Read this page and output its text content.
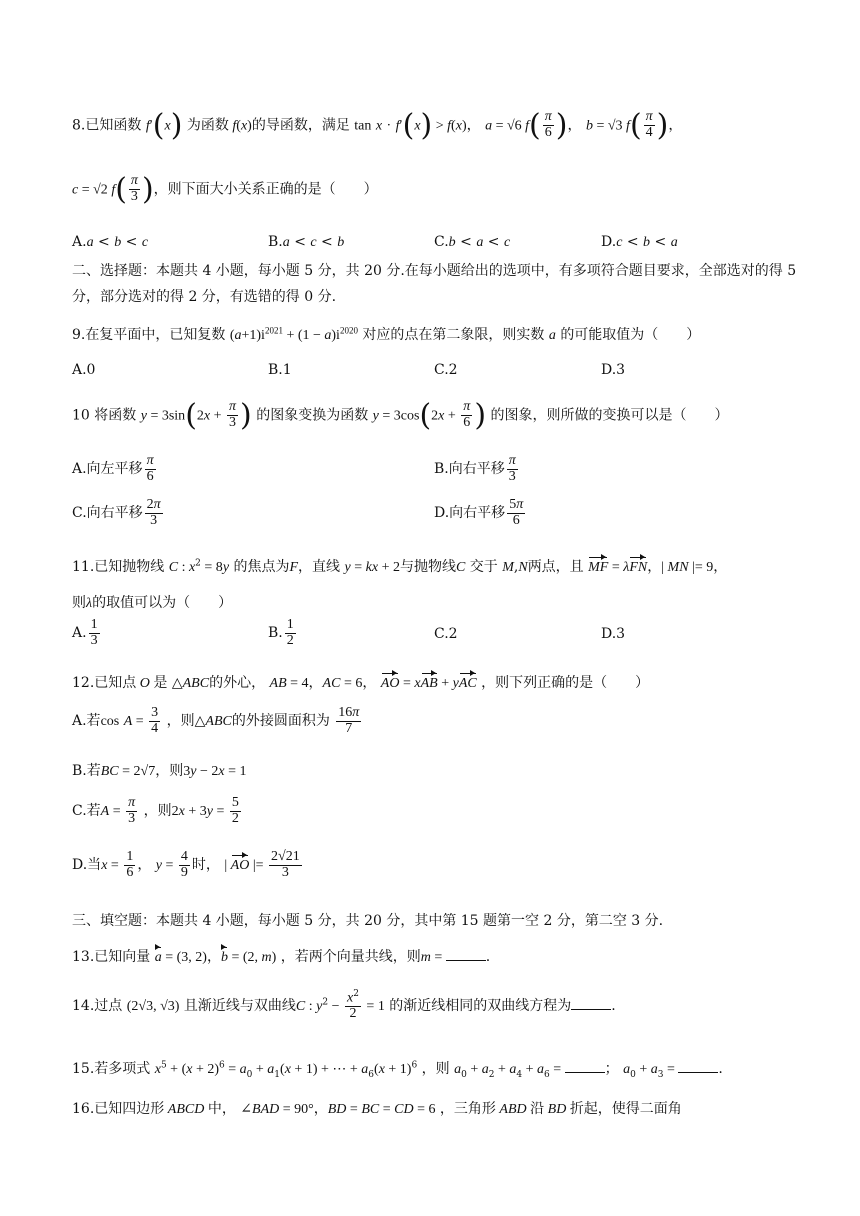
8.已知函数 f′(x) 为函数 f(x)的导函数，满足 tan x · f′(x) > f(x)， a = √6 $f( \frac{\pi}{6}$ )， b = √3 $f( \frac{\pi}{4}$ )，
c = √2 $f( \frac{\pi}{3}$ )，则下面大小关系正确的是（　　）
A.a < b < c	B.a < c < b	C.b < a < c	D.c < b < a
二、选择题：本题共 4 小题，每小题 5 分，共 20 分.在每小题给出的选项中，有多项符合题目要求，全部选对的得 5 分，部分选对的得 2 分，有选错的得 0 分.
9.在复平面中，已知复数 $(a+1)i^{2021} + (1 - a)i^{2020}$ 对应的点在第二象限，则实数 a 的可能取值为（　　）
A.0	B.1	C.2	D.3
10 将函数 $y = 3\sin(2x + \frac{\pi}{3}$ ) 的图象变换为函数 $y = 3\cos(2x + \frac{\pi}{6}$ ) 的图象，则所做的变换可以是（　　）
A.向左平移 $\frac{\pi}{6}$	B.向右平移 $\frac{\pi}{3}$
C.向右平移 $\frac{2\pi}{3}$	D.向右平移 $\frac{5\pi}{6}$
11.已知抛物线 C : $x^2 = 8y$ 的焦点为F，直线 y = kx + 2与抛物线C 交于 M,N两点，且 MF = λFN，| MN |= 9，
则λ的取值可以为（　　）
A. $\frac{1}{3}$	B. $\frac{1}{2}$	C.2	D.3
12.已知点 O 是 △ABC的外心， AB = 4，AC = 6， AO = xAB + yAC ，则下列正确的是（　　）
A.若$\cos A = \frac{3}{4}$ ，则△ABC的外接圆面积为 $\frac{16\pi}{7}$
B.若BC = 2√7，则3y − 2x = 1
C.若$A = \frac{\pi}{3}$ ，则$2x + 3y = \frac{5}{2}$
D.当$x = \frac{1}{6}$ ， $y = \frac{4}{9}$ 时， | AO |= $\frac{2√21}{3}$
三、填空题：本题共 4 小题，每小题 5 分，共 20 分，其中第 15 题第一空 2 分，第二空 3 分.
13.已知向量 a = (3, 2)，b = (2, m) ，若两个向量共线，则m =	.
14.过点 (2√3, √3) 且渐近线与双曲线C : $y^2 - \frac{x^2}{2} = 1$ 的渐近线相同的双曲线方程为	.
15.若多项式 $x^5 + (x + 2)^6 = a_0 + a_1(x + 1)$ + ⋯ + $a_6(x + 1)^6$ ，则 $a_0 + a_2 + a_4 + a_6$ =	； $a_0 + a_3$ =	.
16.已知四边形 ABCD 中， ∠BAD = 90°，BD = BC = CD = 6 ，三角形 ABD 沿 BD 折起，使得二面角
